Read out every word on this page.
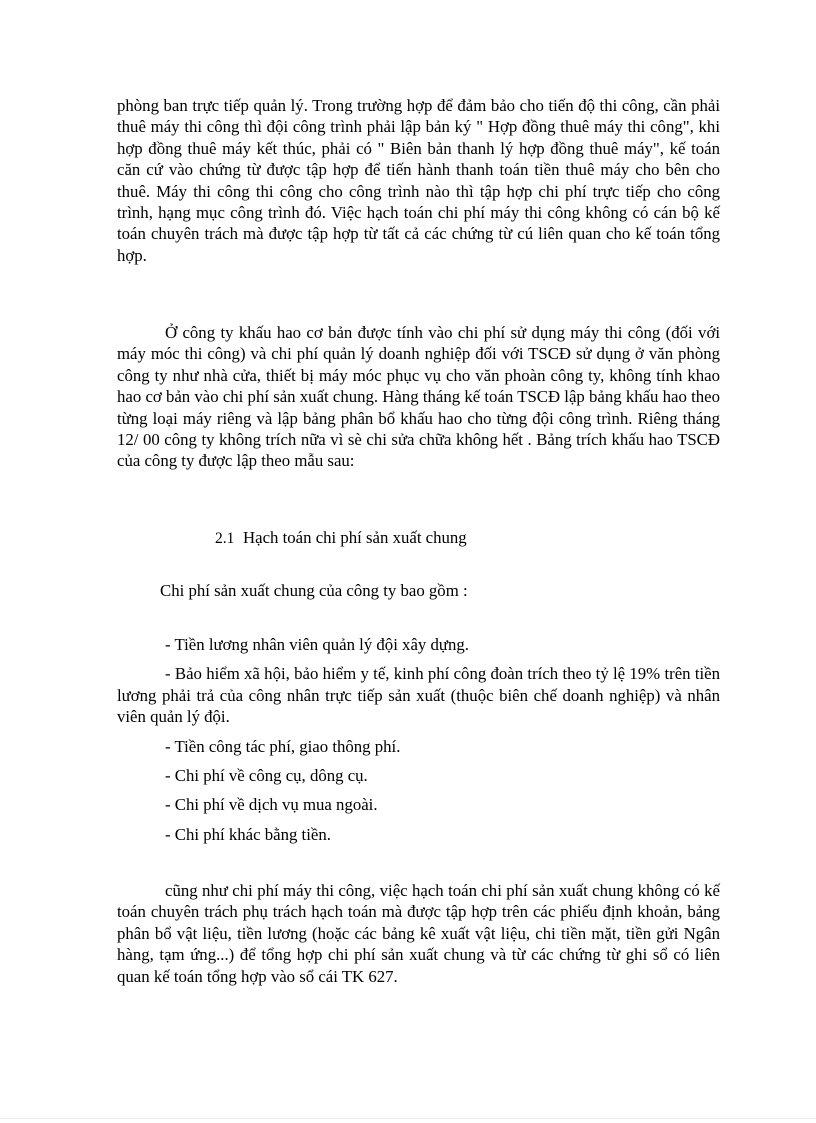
phòng ban trực tiếp quản lý. Trong trường hợp để đảm bảo cho tiến độ thi công, cần phải thuê máy thi công thì đội công trình phải lập bản ký " Hợp đồng thuê máy thi công", khi hợp đồng thuê máy kết thúc, phải có " Biên bản thanh lý hợp đồng thuê máy", kế toán căn cứ vào chứng từ được tập hợp để tiến hành thanh toán tiền thuê máy cho bên cho thuê. Máy thi công thi công cho công trình nào thì tập hợp chi phí trực tiếp cho công trình, hạng mục công trình đó. Việc hạch toán chi phí máy thi công không có cán bộ kế toán chuyên trách mà được tập hợp từ tất cả các chứng từ cú liên quan cho kế toán tổng hợp.

Ở công ty khấu hao cơ bản được tính vào chi phí sử dụng máy thi công (đối với máy móc thi công) và chi phí quản lý doanh nghiệp đối với TSCĐ sử dụng ở văn phòng công ty như nhà cửa, thiết bị máy móc phục vụ cho văn phoàn công ty, không tính khao hao cơ bản vào chi phí sản xuất chung. Hàng tháng kế toán TSCĐ lập bảng khấu hao theo từng loại máy riêng và lập bảng phân bổ khấu hao cho từng đội công trình. Riêng tháng 12/ 00 công ty không trích nữa vì sè chi sửa chữa không hết . Bảng trích khấu hao TSCĐ của công ty được lập theo mẫu sau:

2.1 Hạch toán chi phí sản xuất chung

Chi phí sản xuất chung của công ty bao gồm :

- Tiền lương nhân viên quản lý đội xây dựng.
- Bảo hiểm xã hội, bảo hiểm y tế, kinh phí công đoàn trích theo tỷ lệ 19% trên tiền lương phải trả của công nhân trực tiếp sản xuất (thuộc biên chế doanh nghiệp) và nhân viên quản lý đội.
- Tiền công tác phí, giao thông phí.
- Chi phí về công cụ, dông cụ.
- Chi phí về dịch vụ mua ngoài.
- Chi phí khác bằng tiền.

cũng như chi phí máy thi công, việc hạch toán chi phí sản xuất chung không có kế toán chuyên trách phụ trách hạch toán mà được tập hợp trên các phiếu định khoản, bảng phân bổ vật liệu, tiền lương (hoặc các bảng kê xuất vật liệu, chi tiền mặt, tiền gửi Ngân hàng, tạm ứng...) để tổng hợp chi phí sản xuất chung và từ các chứng từ ghi sổ có liên quan kế toán tổng hợp vào sổ cái TK 627.
